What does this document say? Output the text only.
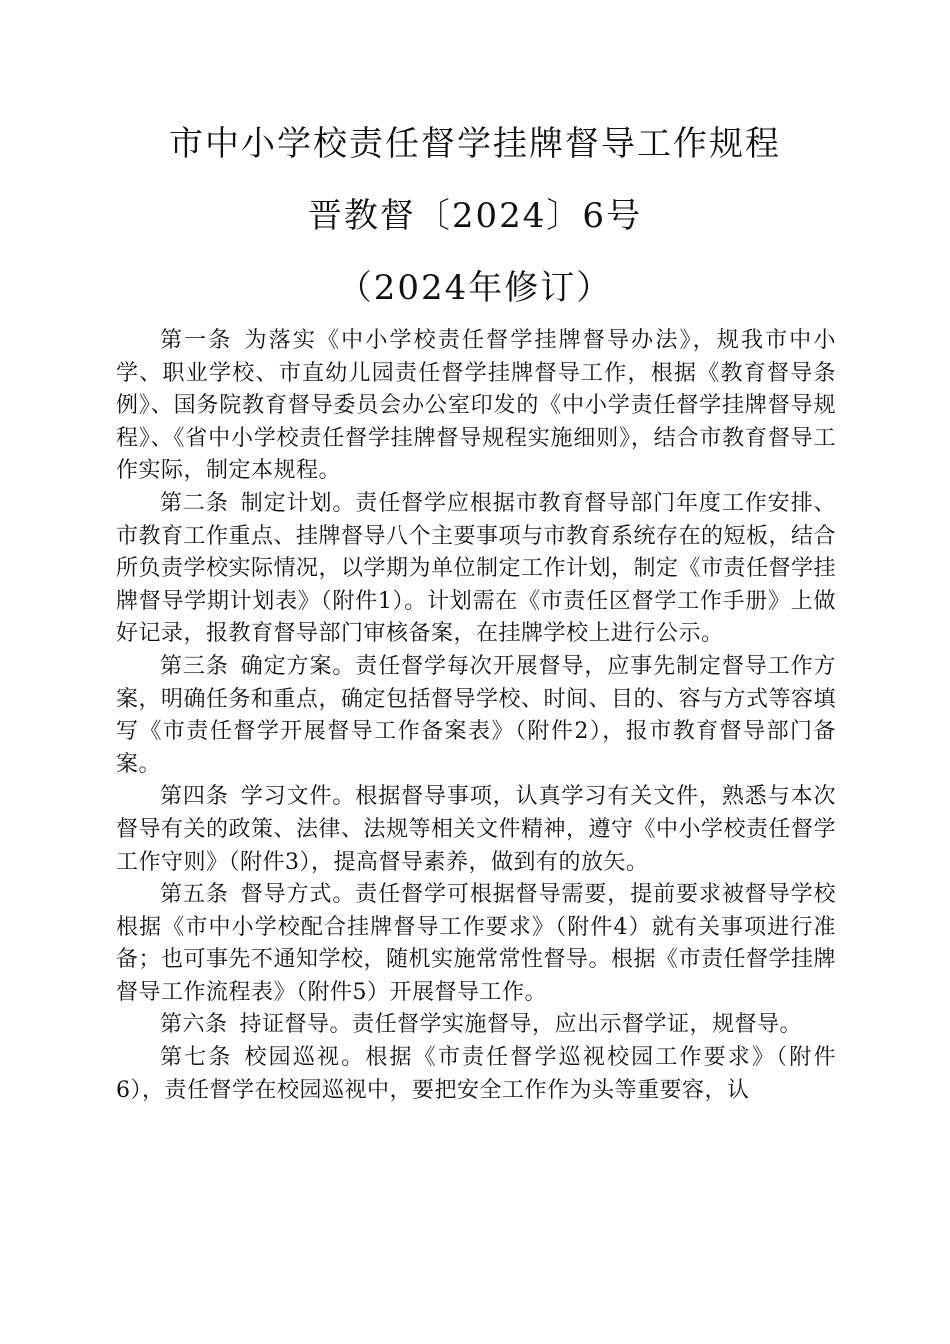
市中小学校责任督学挂牌督导工作规程
晋教督〔2024〕6号
（2024年修订）

第一条 为落实《中小学校责任督学挂牌督导办法》，规我市中小学、职业学校、市直幼儿园责任督学挂牌督导工作，根据《教育督导条例》、国务院教育督导委员会办公室印发的《中小学责任督学挂牌督导规程》、《省中小学校责任督学挂牌督导规程实施细则》，结合市教育督导工作实际，制定本规程。

第二条 制定计划。责任督学应根据市教育督导部门年度工作安排、市教育工作重点、挂牌督导八个主要事项与市教育系统存在的短板，结合所负责学校实际情况，以学期为单位制定工作计划，制定《市责任督学挂牌督导学期计划表》（附件1）。计划需在《市责任区督学工作手册》上做好记录，报教育督导部门审核备案，在挂牌学校上进行公示。

第三条 确定方案。责任督学每次开展督导，应事先制定督导工作方案，明确任务和重点，确定包括督导学校、时间、目的、容与方式等容填写《市责任督学开展督导工作备案表》（附件2），报市教育督导部门备案。

第四条 学习文件。根据督导事项，认真学习有关文件，熟悉与本次督导有关的政策、法律、法规等相关文件精神，遵守《中小学校责任督学工作守则》（附件3），提高督导素养，做到有的放矢。

第五条 督导方式。责任督学可根据督导需要，提前要求被督导学校根据《市中小学校配合挂牌督导工作要求》（附件4）就有关事项进行准备；也可事先不通知学校，随机实施常常性督导。根据《市责任督学挂牌督导工作流程表》（附件5）开展督导工作。

第六条 持证督导。责任督学实施督导，应出示督学证，规督导。

第七条 校园巡视。根据《市责任督学巡视校园工作要求》（附件6），责任督学在校园巡视中，要把安全工作作为头等重要容，认
